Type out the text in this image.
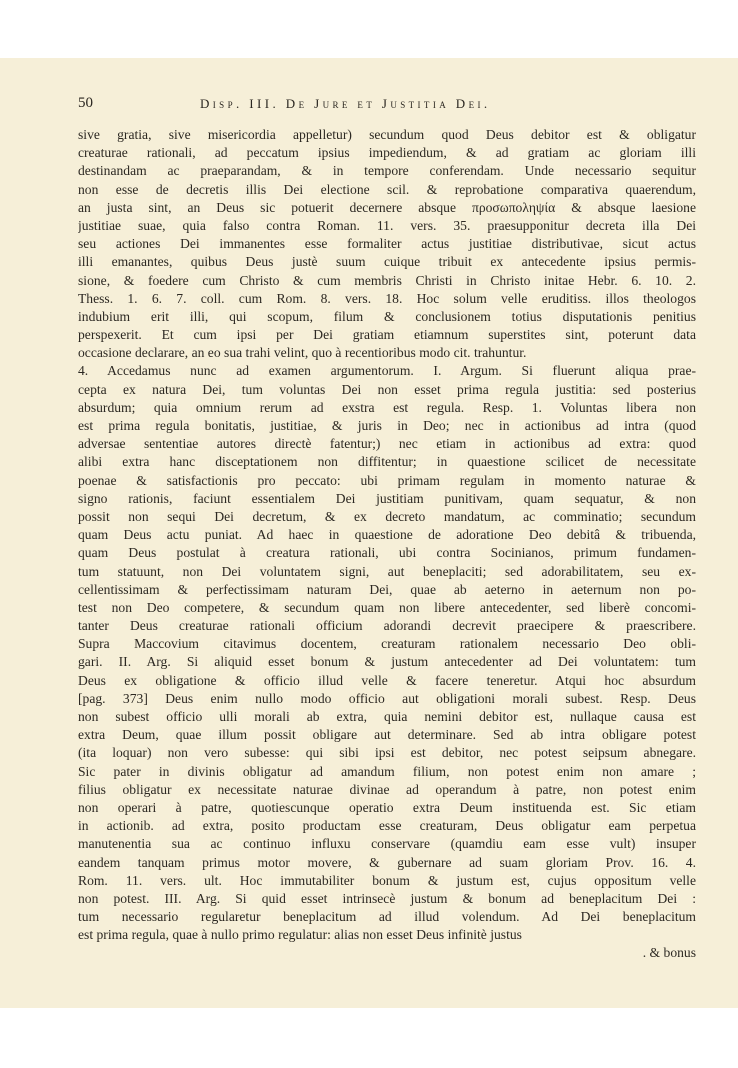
50	Disp. III. De Jure et Justitia Dei.
sive gratia, sive misericordia appelletur) secundum quod Deus debitor est & obligatur
creaturae rationali, ad peccatum ipsius impediendum, & ad gratiam ac gloriam illi
destinandam ac praeparandam, & in tempore conferendam. Unde necessario sequitur
non esse de decretis illis Dei electione scil. & reprobatione comparativa quaerendum,
an justa sint, an Deus sic potuerit decernere absque προσωποληψία & absque laesione
justitiae suae, quia falso contra Roman. 11. vers. 35. praesupponitur decreta illa Dei
seu actiones Dei immanentes esse formaliter actus justitiae distributivae, sicut actus
illi emanantes, quibus Deus justè suum cuique tribuit ex antecedente ipsius permis-
sione, & foedere cum Christo & cum membris Christi in Christo initae Hebr. 6. 10. 2.
Thess. 1. 6. 7. coll. cum Rom. 8. vers. 18. Hoc solum velle eruditiss. illos theologos
indubium erit illi, qui scopum, filum & conclusionem totius disputationis penitius
perspexerit. Et cum ipsi per Dei gratiam etiamnum superstites sint, poterunt data
occasione declarare, an eo sua trahi velint, quo à recentioribus modo cit. trahuntur.
4. Accedamus nunc ad examen argumentorum. I. Argum. Si fluerunt aliqua prae-
cepta ex natura Dei, tum voluntas Dei non esset prima regula justitia: sed posterius
absurdum; quia omnium rerum ad exstra est regula. Resp. 1. Voluntas libera non
est prima regula bonitatis, justitiae, & juris in Deo; nec in actionibus ad intra (quod
adversae sententiae autores directè fatentur;) nec etiam in actionibus ad extra: quod
alibi extra hanc disceptationem non diffitentur; in quaestione scilicet de necessitate
poenae & satisfactionis pro peccato: ubi primam regulam in momento naturae &
signo rationis, faciunt essentialem Dei justitiam punitivam, quam sequatur, & non
possit non sequi Dei decretum, & ex decreto mandatum, ac comminatio; secundum
quam Deus actu puniat. Ad haec in quaestione de adoratione Deo debitâ & tribuenda,
quam Deus postulat à creatura rationali, ubi contra Socinianos, primum fundamen-
tum statuunt, non Dei voluntatem signi, aut beneplaciti; sed adorabilitatem, seu ex-
cellentissimam & perfectissimam naturam Dei, quae ab aeterno in aeternum non po-
test non Deo competere, & secundum quam non libere antecedenter, sed liberè concomi-
tanter Deus creaturae rationali officium adorandi decrevit praecipere & praescribere.
Supra Maccovium citavimus docentem, creaturam rationalem necessario Deo obli-
gari. II. Arg. Si aliquid esset bonum & justum antecedenter ad Dei voluntatem: tum
Deus ex obligatione & officio illud velle & facere teneretur. Atqui hoc absurdum
[pag. 373] Deus enim nullo modo officio aut obligationi morali subest. Resp. Deus
non subest officio ulli morali ab extra, quia nemini debitor est, nullaque causa est
extra Deum, quae illum possit obligare aut determinare. Sed ab intra obligare potest
(ita loquar) non vero subesse: qui sibi ipsi est debitor, nec potest seipsum abnegare.
Sic pater in divinis obligatur ad amandum filium, non potest enim non amare ;
filius obligatur ex necessitate naturae divinae ad operandum à patre, non potest enim
non operari à patre, quotiescunque operatio extra Deum instituenda est. Sic etiam
in actionib. ad extra, posito productam esse creaturam, Deus obligatur eam perpetua
manutenentia sua ac continuo influxu conservare (quamdiu eam esse vult) insuper
eandem tanquam primus motor movere, & gubernare ad suam gloriam Prov. 16. 4.
Rom. 11. vers. ult. Hoc immutabiliter bonum & justum est, cujus oppositum velle
non potest. III. Arg. Si quid esset intrinsecè justum & bonum ad beneplacitum Dei :
tum necessario regularetur beneplacitum ad illud volendum. Ad Dei beneplacitum
est prima regula, quae à nullo primo regulatur: alias non esset Deus infinitè justus
. & bonus
